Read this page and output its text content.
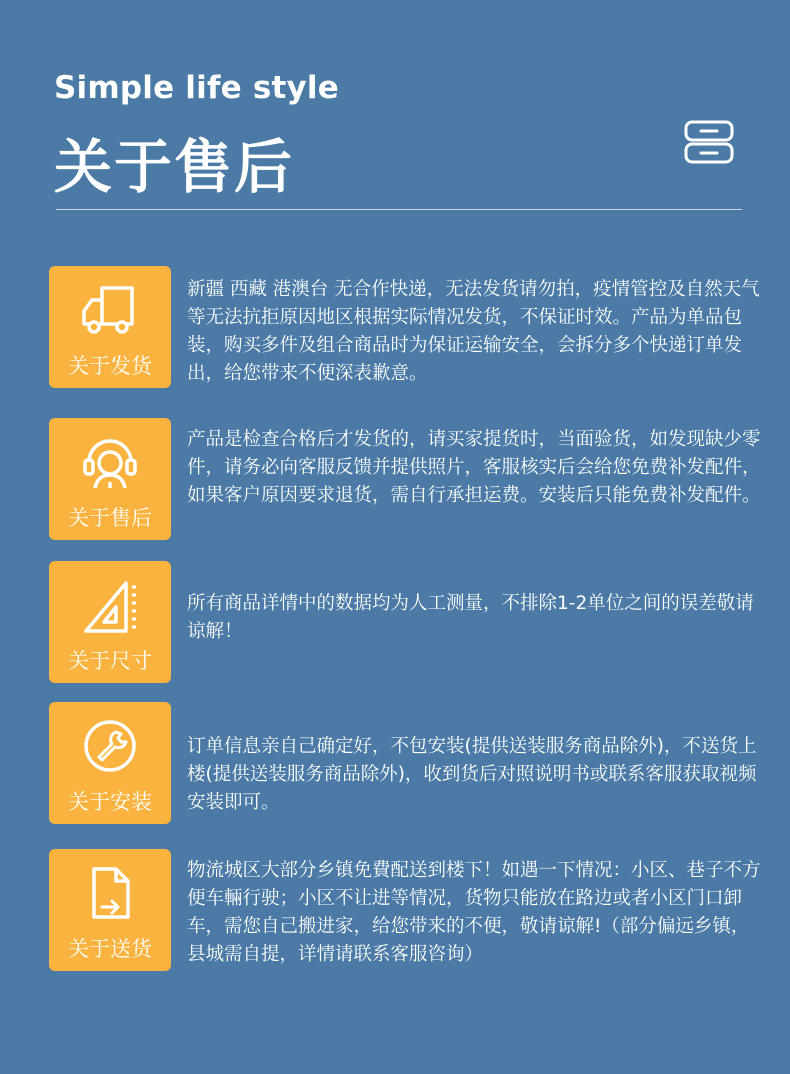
Simple life style
关于售后
关于发货
新疆 西藏 港澳台 无合作快递，无法发货请勿拍，疫情管控及自然天气等无法抗拒原因地区根据实际情况发货，不保证时效。产品为单品包装，购买多件及组合商品时为保证运输安全，会拆分多个快递订单发出，给您带来不便深表歉意。
关于售后
产品是检查合格后才发货的，请买家提货时，当面验货，如发现缺少零件，请务必向客服反馈并提供照片，客服核实后会给您免费补发配件，如果客户原因要求退货，需自行承担运费。安装后只能免费补发配件。
关于尺寸
所有商品详情中的数据均为人工测量，不排除1-2单位之间的误差敬请谅解！
关于安装
订单信息亲自己确定好，不包安装(提供送装服务商品除外)，不送货上楼(提供送装服务商品除外)，收到货后对照说明书或联系客服获取视频安装即可。
关于送货
物流城区大部分乡镇免費配送到楼下！如遇一下情况：小区、巷子不方便车輛行驶；小区不让进等情况，货物只能放在路边或者小区门口卸车，需您自己搬进家，给您带来的不便，敬请谅解!（部分偏远乡镇，县城需自提，详情请联系客服咨询）
